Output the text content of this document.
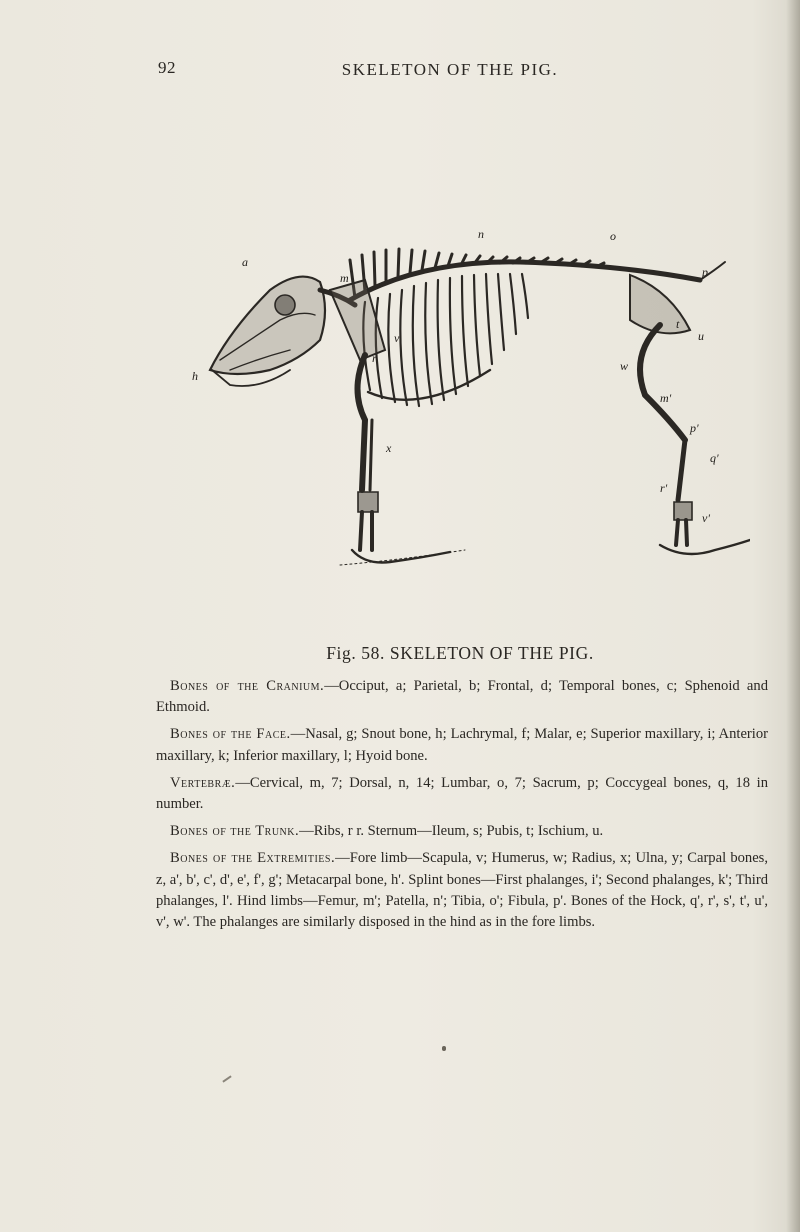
92	SKELETON OF THE PIG.
a
m
n	o
p
h
r
v
x
w
m'
p'
q'
r'
v'
u
t
Fig. 58. SKELETON OF THE PIG.

Bones of the Cranium.—Occiput, a; Parietal, b; Frontal, d; Temporal bones, c; Sphenoid and Ethmoid.

Bones of the Face.—Nasal, g; Snout bone, h; Lachrymal, f; Malar, e; Superior maxillary, i; Anterior maxillary, k; Inferior maxillary, l; Hyoid bone.

Vertebræ.—Cervical, m, 7; Dorsal, n, 14; Lumbar, o, 7; Sacrum, p; Coccygeal bones, q, 18 in number.

Bones of the Trunk.—Ribs, r r. Sternum—Ileum, s; Pubis, t; Ischium, u.

Bones of the Extremities.—Fore limb—Scapula, v; Humerus, w; Radius, x; Ulna, y; Carpal bones, z, a', b', c', d', e', f', g'; Metacarpal bone, h'. Splint bones—First phalanges, i'; Second phalanges, k'; Third phalanges, l'. Hind limbs—Femur, m'; Patella, n'; Tibia, o'; Fibula, p'. Bones of the Hock, q', r', s', t', u', v', w'. The phalanges are similarly disposed in the hind as in the fore limbs.
